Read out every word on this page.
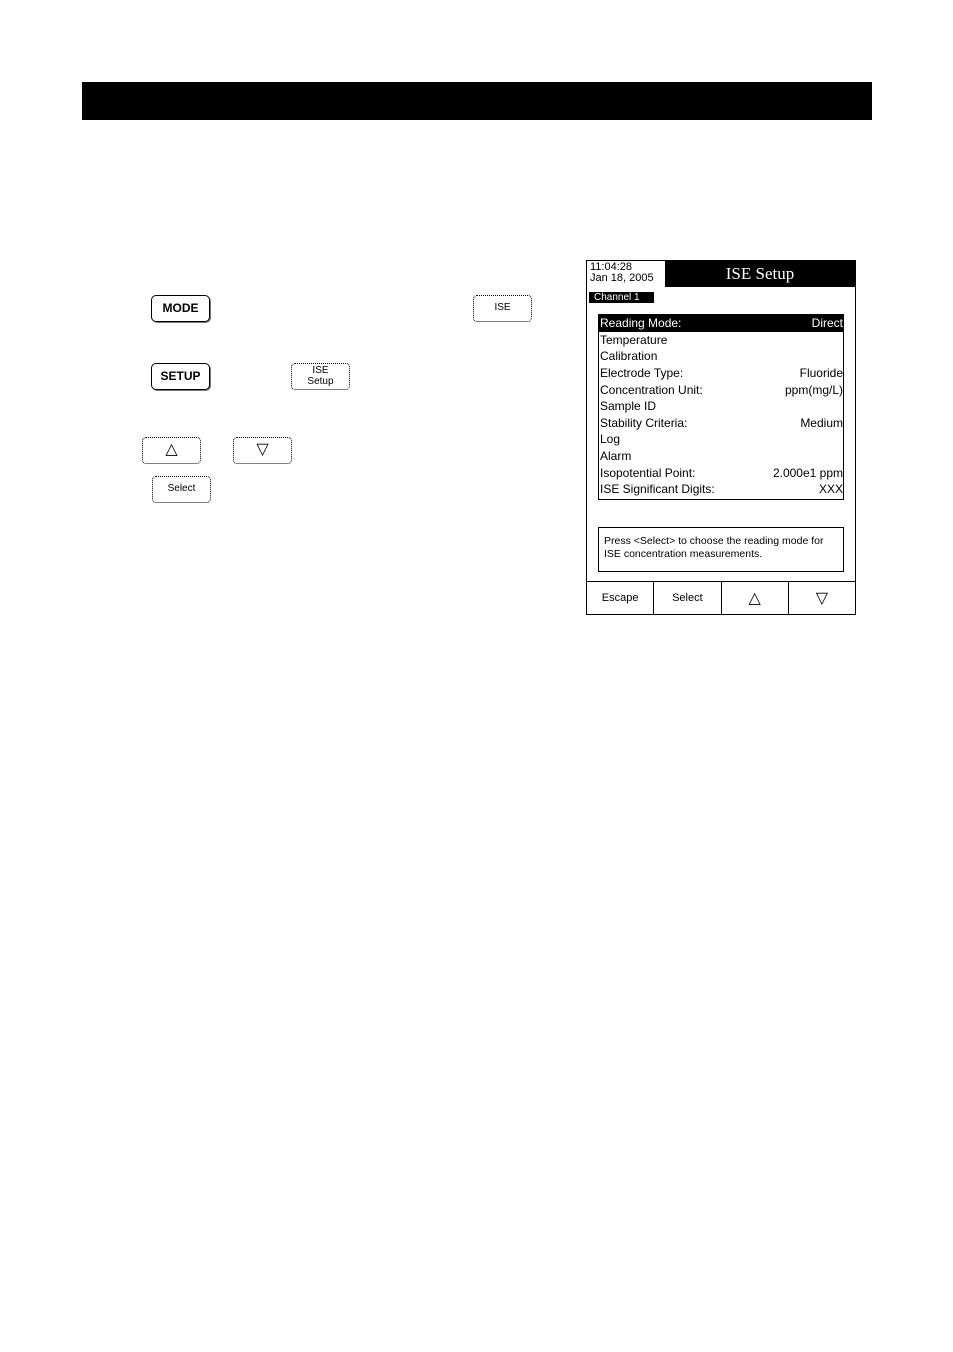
MODE	ISE
SETUP	ISE
Setup
△	▽
Select
11:04:28
Jan 18, 2005	ISE Setup
Channel 1
Reading Mode:	Direct
Temperature
Calibration
Electrode Type:	Fluoride
Concentration Unit:	ppm(mg/L)
Sample ID
Stability Criteria:	Medium
Log
Alarm
Isopotential Point:	2.000e1 ppm
ISE Significant Digits:	XXX
Press <Select> to choose the reading mode for ISE concentration measurements.
Escape	Select	△	▽
